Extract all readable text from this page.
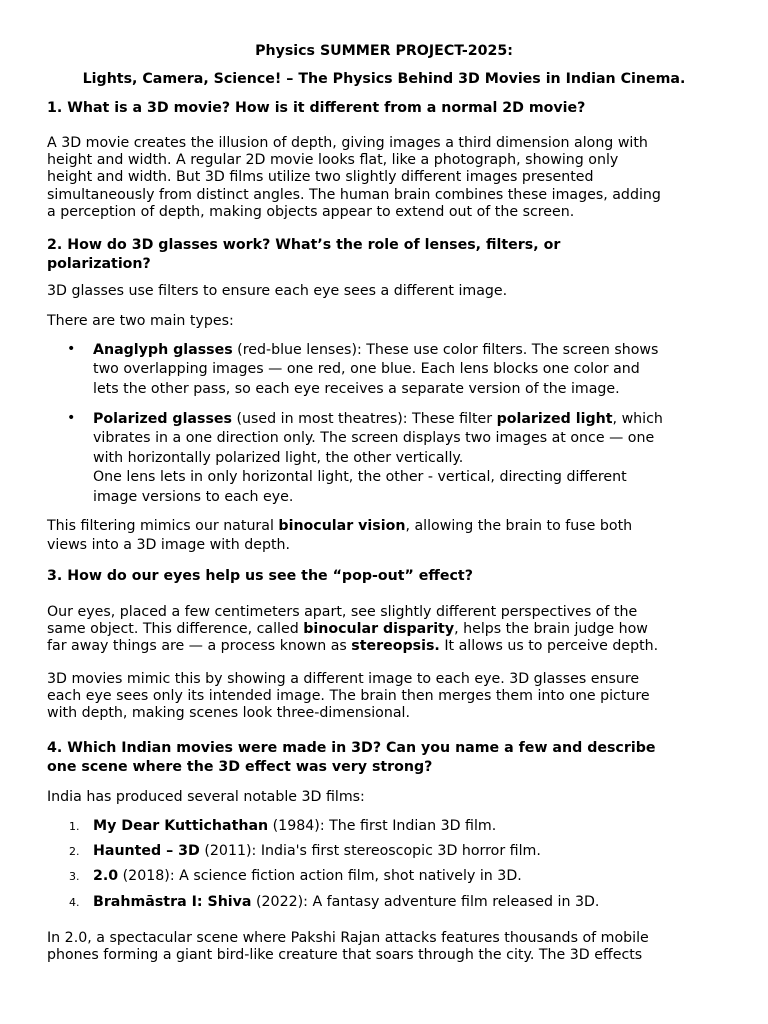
Physics SUMMER PROJECT-2025:
Lights, Camera, Science! – The Physics Behind 3D Movies in Indian Cinema.
1. What is a 3D movie? How is it different from a normal 2D movie?
A 3D movie creates the illusion of depth, giving images a third dimension along with
height and width. A regular 2D movie looks flat, like a photograph, showing only
height and width. But 3D films utilize two slightly different images presented
simultaneously from distinct angles. The human brain combines these images, adding
a perception of depth, making objects appear to extend out of the screen.
2. How do 3D glasses work? What’s the role of lenses, filters, or
polarization?
3D glasses use filters to ensure each eye sees a different image.
There are two main types:
• Anaglyph glasses (red-blue lenses): These use color filters. The screen shows
two overlapping images — one red, one blue. Each lens blocks one color and
lets the other pass, so each eye receives a separate version of the image.
• Polarized glasses (used in most theatres): These filter polarized light, which
vibrates in a one direction only. The screen displays two images at once — one
with horizontally polarized light, the other vertically.
One lens lets in only horizontal light, the other - vertical, directing different
image versions to each eye.
This filtering mimics our natural binocular vision, allowing the brain to fuse both
views into a 3D image with depth.
3. How do our eyes help us see the “pop-out” effect?
Our eyes, placed a few centimeters apart, see slightly different perspectives of the
same object. This difference, called binocular disparity, helps the brain judge how
far away things are — a process known as stereopsis. It allows us to perceive depth.
3D movies mimic this by showing a different image to each eye. 3D glasses ensure
each eye sees only its intended image. The brain then merges them into one picture
with depth, making scenes look three-dimensional.
4. Which Indian movies were made in 3D? Can you name a few and describe
one scene where the 3D effect was very strong?
India has produced several notable 3D films:
1. My Dear Kuttichathan (1984): The first Indian 3D film.
2. Haunted – 3D (2011): India's first stereoscopic 3D horror film.
3. 2.0 (2018): A science fiction action film, shot natively in 3D.
4. Brahmāstra I: Shiva (2022): A fantasy adventure film released in 3D.
In 2.0, a spectacular scene where Pakshi Rajan attacks features thousands of mobile
phones forming a giant bird-like creature that soars through the city. The 3D effects
